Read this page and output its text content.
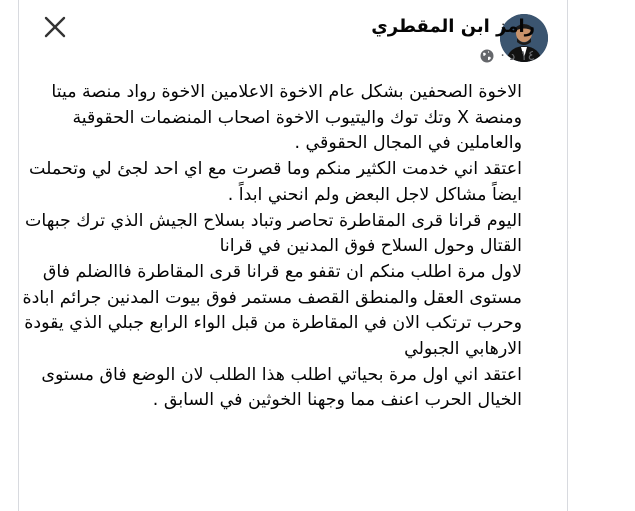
رامز ابن المقطري
١٤ د ·

الاخوة الصحفين بشكل عام الاخوة الاعلامين الاخوة رواد منصة ميتا

ومنصة X وتك توك واليتيوب الاخوة اصحاب المنضمات الحقوقية

والعاملين في المجال الحقوقي .

اعتقد اني خدمت الكثير منكم وما قصرت مع اي احد لجئ لي وتحملت

ايضاً مشاكل لاجل البعض ولم انحني ابداً .

اليوم قرانا قرى المقاطرة تحاصر وتباد بسلاح الجيش الذي ترك جبهات

القتال وحول السلاح فوق المدنين في قرانا

لاول مرة اطلب منكم ان تقفو مع قرانا قرى المقاطرة فاالضلم فاق

مستوى العقل والمنطق القصف مستمر فوق بيوت المدنين جرائم ابادة

وحرب ترتكب الان في المقاطرة من قبل الواء الرابع جبلي الذي يقودة

الارهابي الجبولي

اعتقد اني اول مرة بحياتي اطلب هذا الطلب لان الوضع فاق مستوى

الخيال الحرب اعنف مما وجهنا الخوثين في السابق .
